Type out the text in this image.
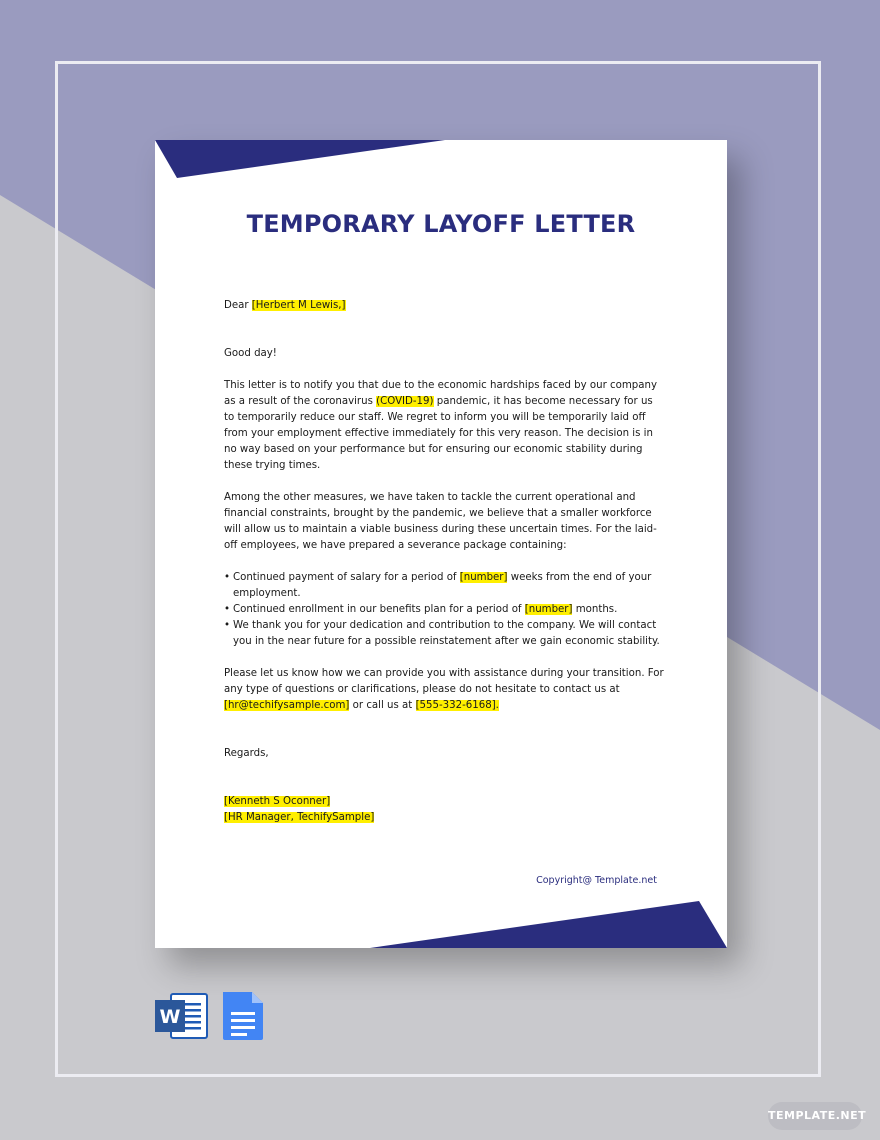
TEMPORARY LAYOFF LETTER

Dear [Herbert M Lewis,]

Good day!

This letter is to notify you that due to the economic hardships faced by our company as a result of the coronavirus (COVID-19) pandemic, it has become necessary for us to temporarily reduce our staff. We regret to inform you will be temporarily laid off from your employment effective immediately for this very reason. The decision is in no way based on your performance but for ensuring our economic stability during these trying times.

Among the other measures, we have taken to tackle the current operational and financial constraints, brought by the pandemic, we believe that a smaller workforce will allow us to maintain a viable business during these uncertain times. For the laid-off employees, we have prepared a severance package containing:

• Continued payment of salary for a period of [number] weeks from the end of your employment.
• Continued enrollment in our benefits plan for a period of [number] months.
• We thank you for your dedication and contribution to the company. We will contact you in the near future for a possible reinstatement after we gain economic stability.

Please let us know how we can provide you with assistance during your transition. For any type of questions or clarifications, please do not hesitate to contact us at [hr@techifysample.com] or call us at [555-332-6168].

Regards,

[Kenneth S Oconner]

[HR Manager, TechifySample]

Copyright@ Template.net
W
TEMPLATE.NET
